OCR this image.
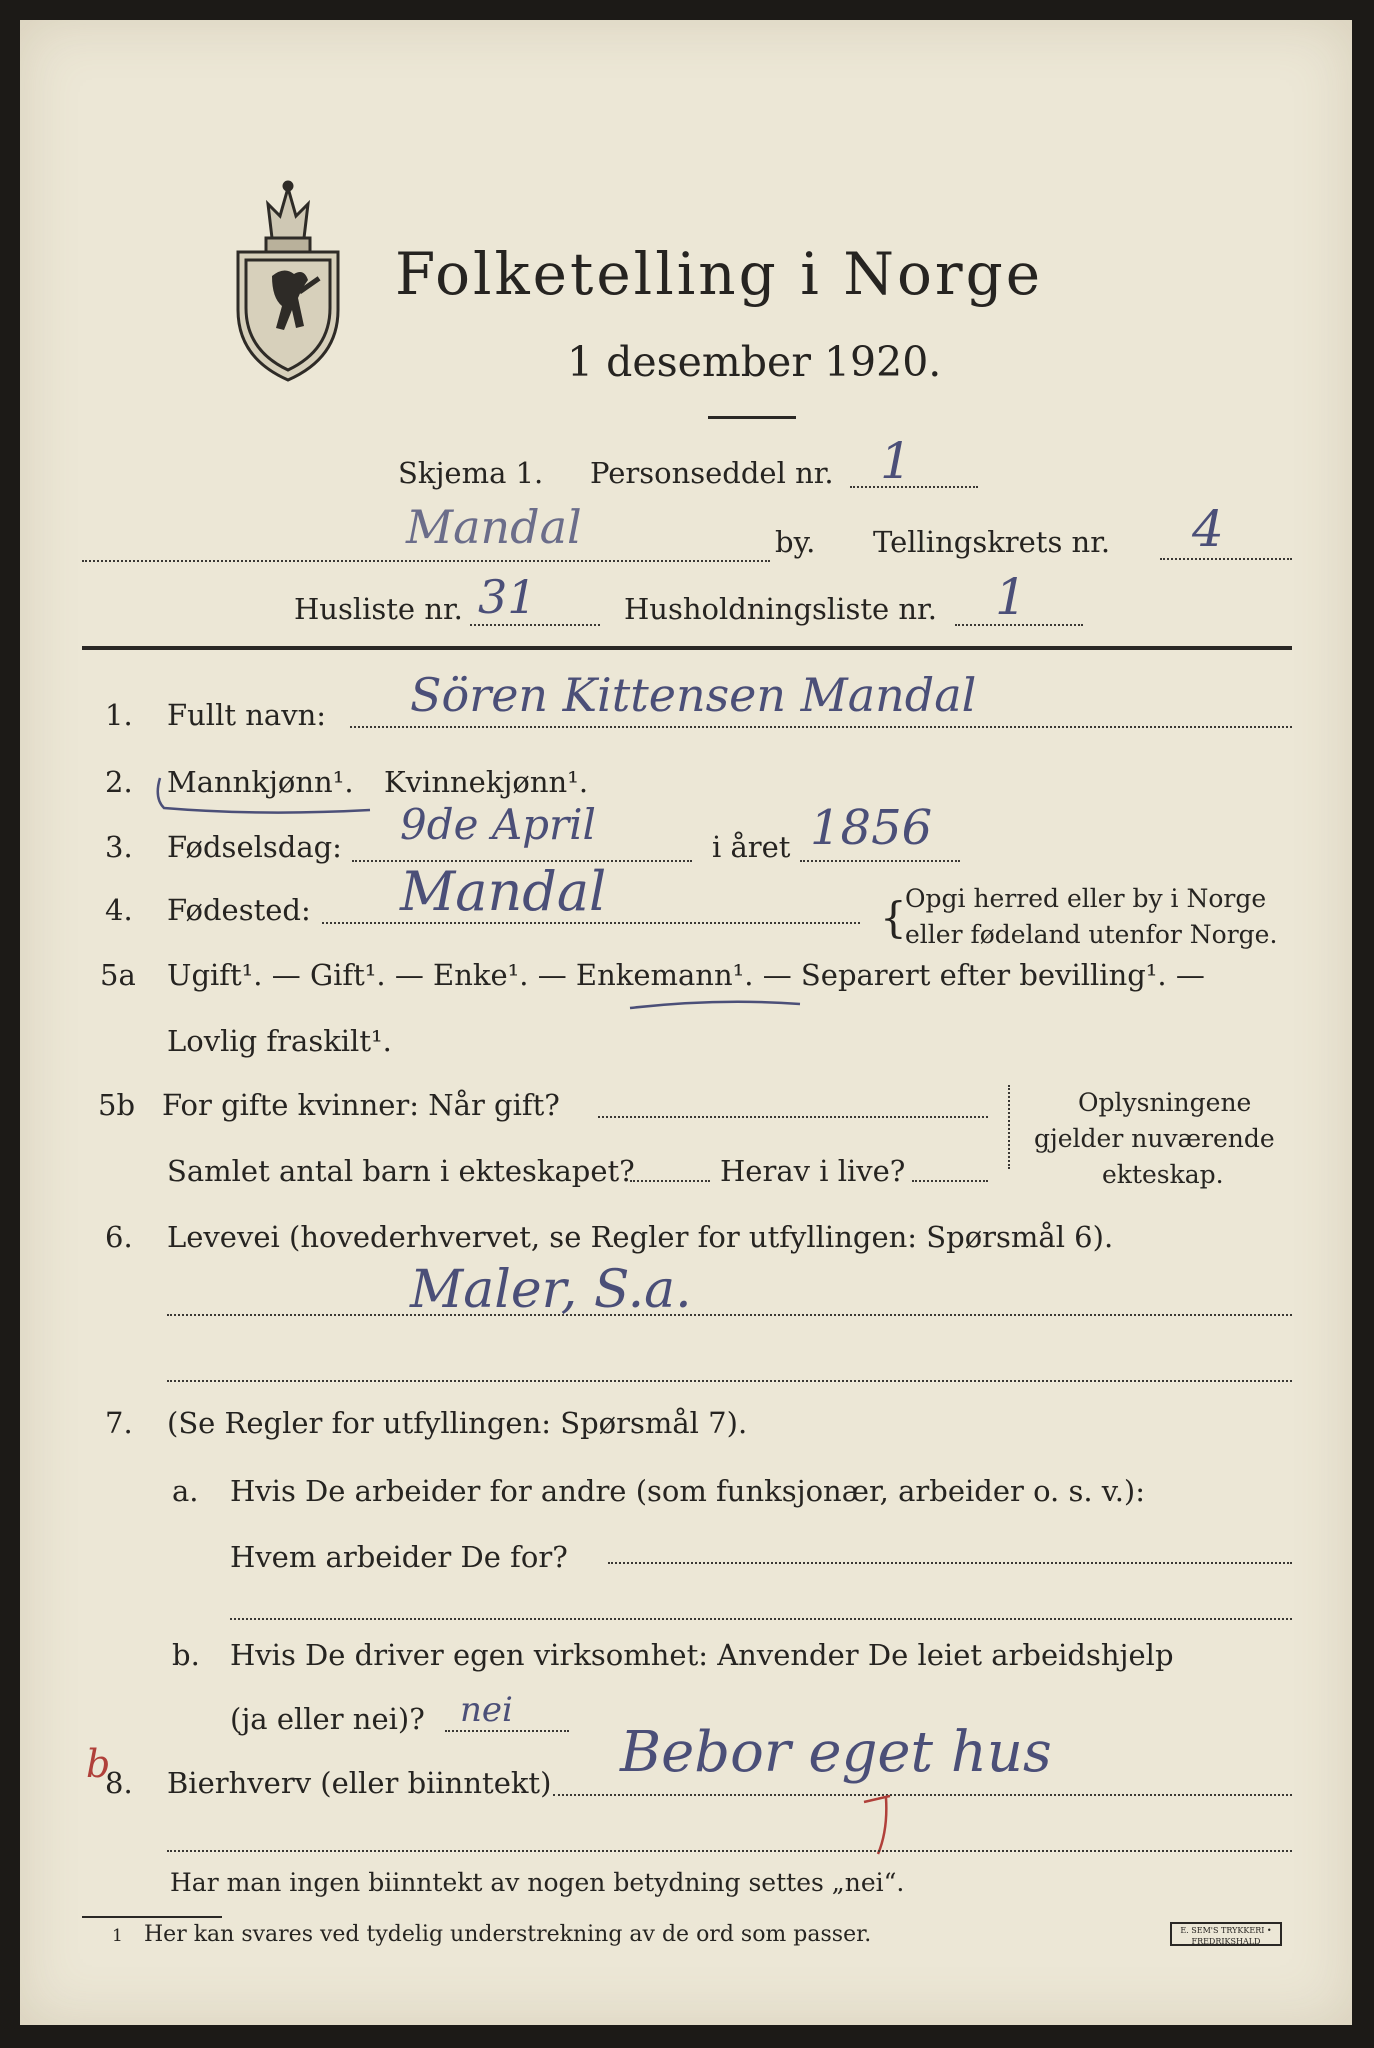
Folketelling i Norge
1 desember 1920.
Skjema 1. Personseddel nr. 1
Mandal	by. Tellingskrets nr. 4
Husliste nr. 31	Husholdningsliste nr. 1
1. Fullt navn: Sören Kittensen Mandal
2. Mannkjønn¹. Kvinnekjønn¹.
3. Fødselsdag: 9de April	i året 1856
4. Fødested: Mandal	{
Opgi herred eller by i Norge
eller fødeland utenfor Norge.
5a Ugift¹. — Gift¹. — Enke¹. — Enkemann¹. — Separert efter bevilling¹. —
Lovlig fraskilt¹.
5b For gifte kvinner: Når gift?
Samlet antal barn i ekteskapet?	Herav i live?
Oplysningene
gjelder nuværende
ekteskap.
6. Levevei (hovederhvervet, se Regler for utfyllingen: Spørsmål 6).
Maler, S.a.
7. (Se Regler for utfyllingen: Spørsmål 7).
a. Hvis De arbeider for andre (som funksjonær, arbeider o. s. v.):
Hvem arbeider De for?
b. Hvis De driver egen virksomhet: Anvender De leiet arbeidshjelp
(ja eller nei)? nei
b
8. Bierhverv (eller biinntekt) Bebor eget hus
Har man ingen biinntekt av nogen betydning settes „nei“.
1 Her kan svares ved tydelig understrekning av de ord som passer.	E. SEM'S TRYKKERI • FREDRIKSHALD
